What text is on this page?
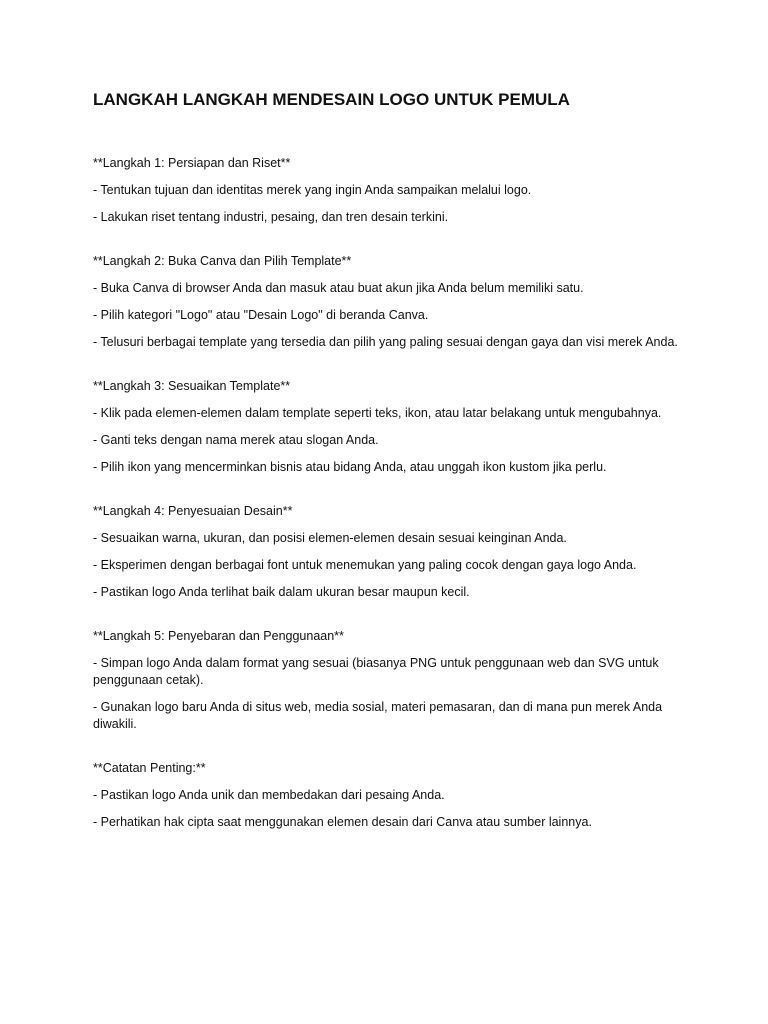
LANGKAH LANGKAH MENDESAIN LOGO UNTUK PEMULA

**Langkah 1: Persiapan dan Riset**

- Tentukan tujuan dan identitas merek yang ingin Anda sampaikan melalui logo.

- Lakukan riset tentang industri, pesaing, dan tren desain terkini.

**Langkah 2: Buka Canva dan Pilih Template**

- Buka Canva di browser Anda dan masuk atau buat akun jika Anda belum memiliki satu.

- Pilih kategori "Logo" atau "Desain Logo" di beranda Canva.

- Telusuri berbagai template yang tersedia dan pilih yang paling sesuai dengan gaya dan visi merek Anda.

**Langkah 3: Sesuaikan Template**

- Klik pada elemen-elemen dalam template seperti teks, ikon, atau latar belakang untuk mengubahnya.

- Ganti teks dengan nama merek atau slogan Anda.

- Pilih ikon yang mencerminkan bisnis atau bidang Anda, atau unggah ikon kustom jika perlu.

**Langkah 4: Penyesuaian Desain**

- Sesuaikan warna, ukuran, dan posisi elemen-elemen desain sesuai keinginan Anda.

- Eksperimen dengan berbagai font untuk menemukan yang paling cocok dengan gaya logo Anda.

- Pastikan logo Anda terlihat baik dalam ukuran besar maupun kecil.

**Langkah 5: Penyebaran dan Penggunaan**

- Simpan logo Anda dalam format yang sesuai (biasanya PNG untuk penggunaan web dan SVG untuk penggunaan cetak).

- Gunakan logo baru Anda di situs web, media sosial, materi pemasaran, dan di mana pun merek Anda diwakili.

**Catatan Penting:**

- Pastikan logo Anda unik dan membedakan dari pesaing Anda.

- Perhatikan hak cipta saat menggunakan elemen desain dari Canva atau sumber lainnya.
